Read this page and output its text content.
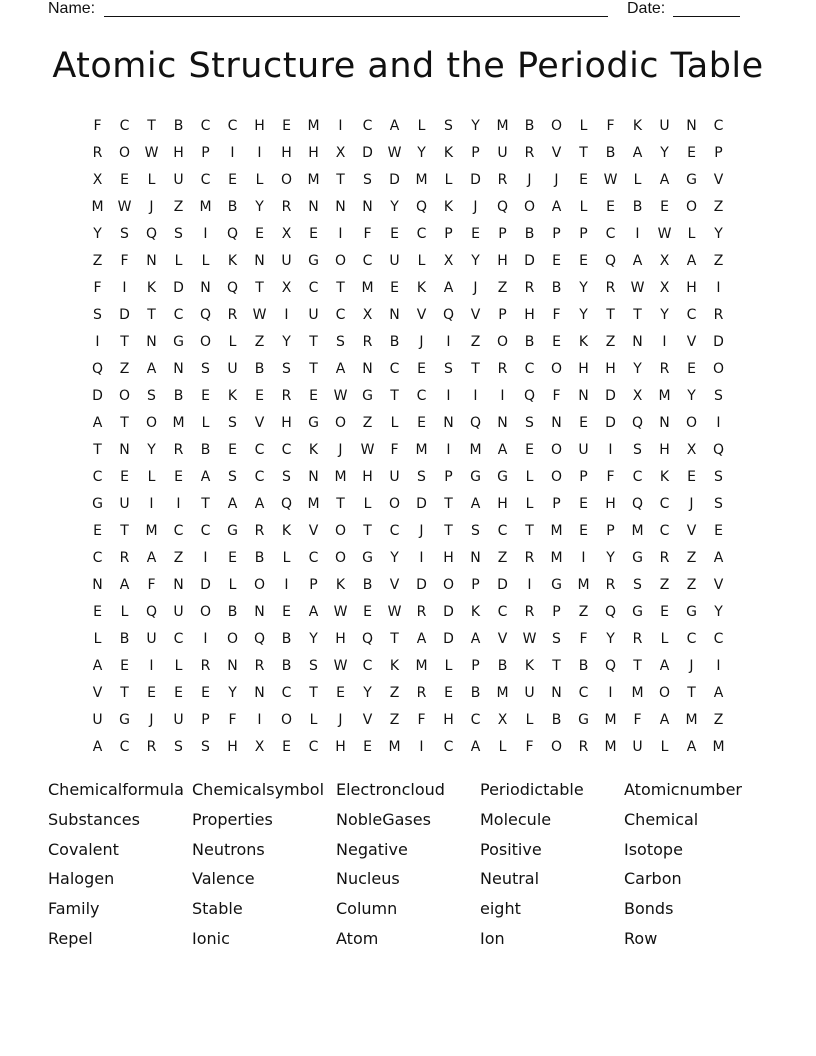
Name:	Date:
Atomic Structure and the Periodic Table
F	C	T	B	C	C	H	E	M	I	C	A	L	S	Y	M	B	O	L	F	K	U	N	C
R	O	W	H	P	I	I	H	H	X	D	W	Y	K	P	U	R	V	T	B	A	Y	E	P
X	E	L	U	C	E	L	O	M	T	S	D	M	L	D	R	J	J	E	W	L	A	G	V
M	W	J	Z	M	B	Y	R	N	N	N	Y	Q	K	J	Q	O	A	L	E	B	E	O	Z
Y	S	Q	S	I	Q	E	X	E	I	F	E	C	P	E	P	B	P	P	C	I	W	L	Y
Z	F	N	L	L	K	N	U	G	O	C	U	L	X	Y	H	D	E	E	Q	A	X	A	Z
F	I	K	D	N	Q	T	X	C	T	M	E	K	A	J	Z	R	B	Y	R	W	X	H	I
S	D	T	C	Q	R	W	I	U	C	X	N	V	Q	V	P	H	F	Y	T	T	Y	C	R
I	T	N	G	O	L	Z	Y	T	S	R	B	J	I	Z	O	B	E	K	Z	N	I	V	D
Q	Z	A	N	S	U	B	S	T	A	N	C	E	S	T	R	C	O	H	H	Y	R	E	O
D	O	S	B	E	K	E	R	E	W	G	T	C	I	I	I	Q	F	N	D	X	M	Y	S
A	T	O	M	L	S	V	H	G	O	Z	L	E	N	Q	N	S	N	E	D	Q	N	O	I
T	N	Y	R	B	E	C	C	K	J	W	F	M	I	M	A	E	O	U	I	S	H	X	Q
C	E	L	E	A	S	C	S	N	M	H	U	S	P	G	G	L	O	P	F	C	K	E	S
G	U	I	I	T	A	A	Q	M	T	L	O	D	T	A	H	L	P	E	H	Q	C	J	S
E	T	M	C	C	G	R	K	V	O	T	C	J	T	S	C	T	M	E	P	M	C	V	E
C	R	A	Z	I	E	B	L	C	O	G	Y	I	H	N	Z	R	M	I	Y	G	R	Z	A
N	A	F	N	D	L	O	I	P	K	B	V	D	O	P	D	I	G	M	R	S	Z	Z	V
E	L	Q	U	O	B	N	E	A	W	E	W	R	D	K	C	R	P	Z	Q	G	E	G	Y
L	B	U	C	I	O	Q	B	Y	H	Q	T	A	D	A	V	W	S	F	Y	R	L	C	C
A	E	I	L	R	N	R	B	S	W	C	K	M	L	P	B	K	T	B	Q	T	A	J	I
V	T	E	E	E	Y	N	C	T	E	Y	Z	R	E	B	M	U	N	C	I	M	O	T	A
U	G	J	U	P	F	I	O	L	J	V	Z	F	H	C	X	L	B	G	M	F	A	M	Z
A	C	R	S	S	H	X	E	C	H	E	M	I	C	A	L	F	O	R	M	U	L	A	M
Chemicalformula Chemicalsymbol Electroncloud	Periodictable	Atomicnumber
Substances	Properties	NobleGases	Molecule	Chemical
Covalent	Neutrons	Negative	Positive	Isotope
Halogen	Valence	Nucleus	Neutral	Carbon
Family	Stable	Column	eight	Bonds
Repel	Ionic	Atom	Ion	Row
